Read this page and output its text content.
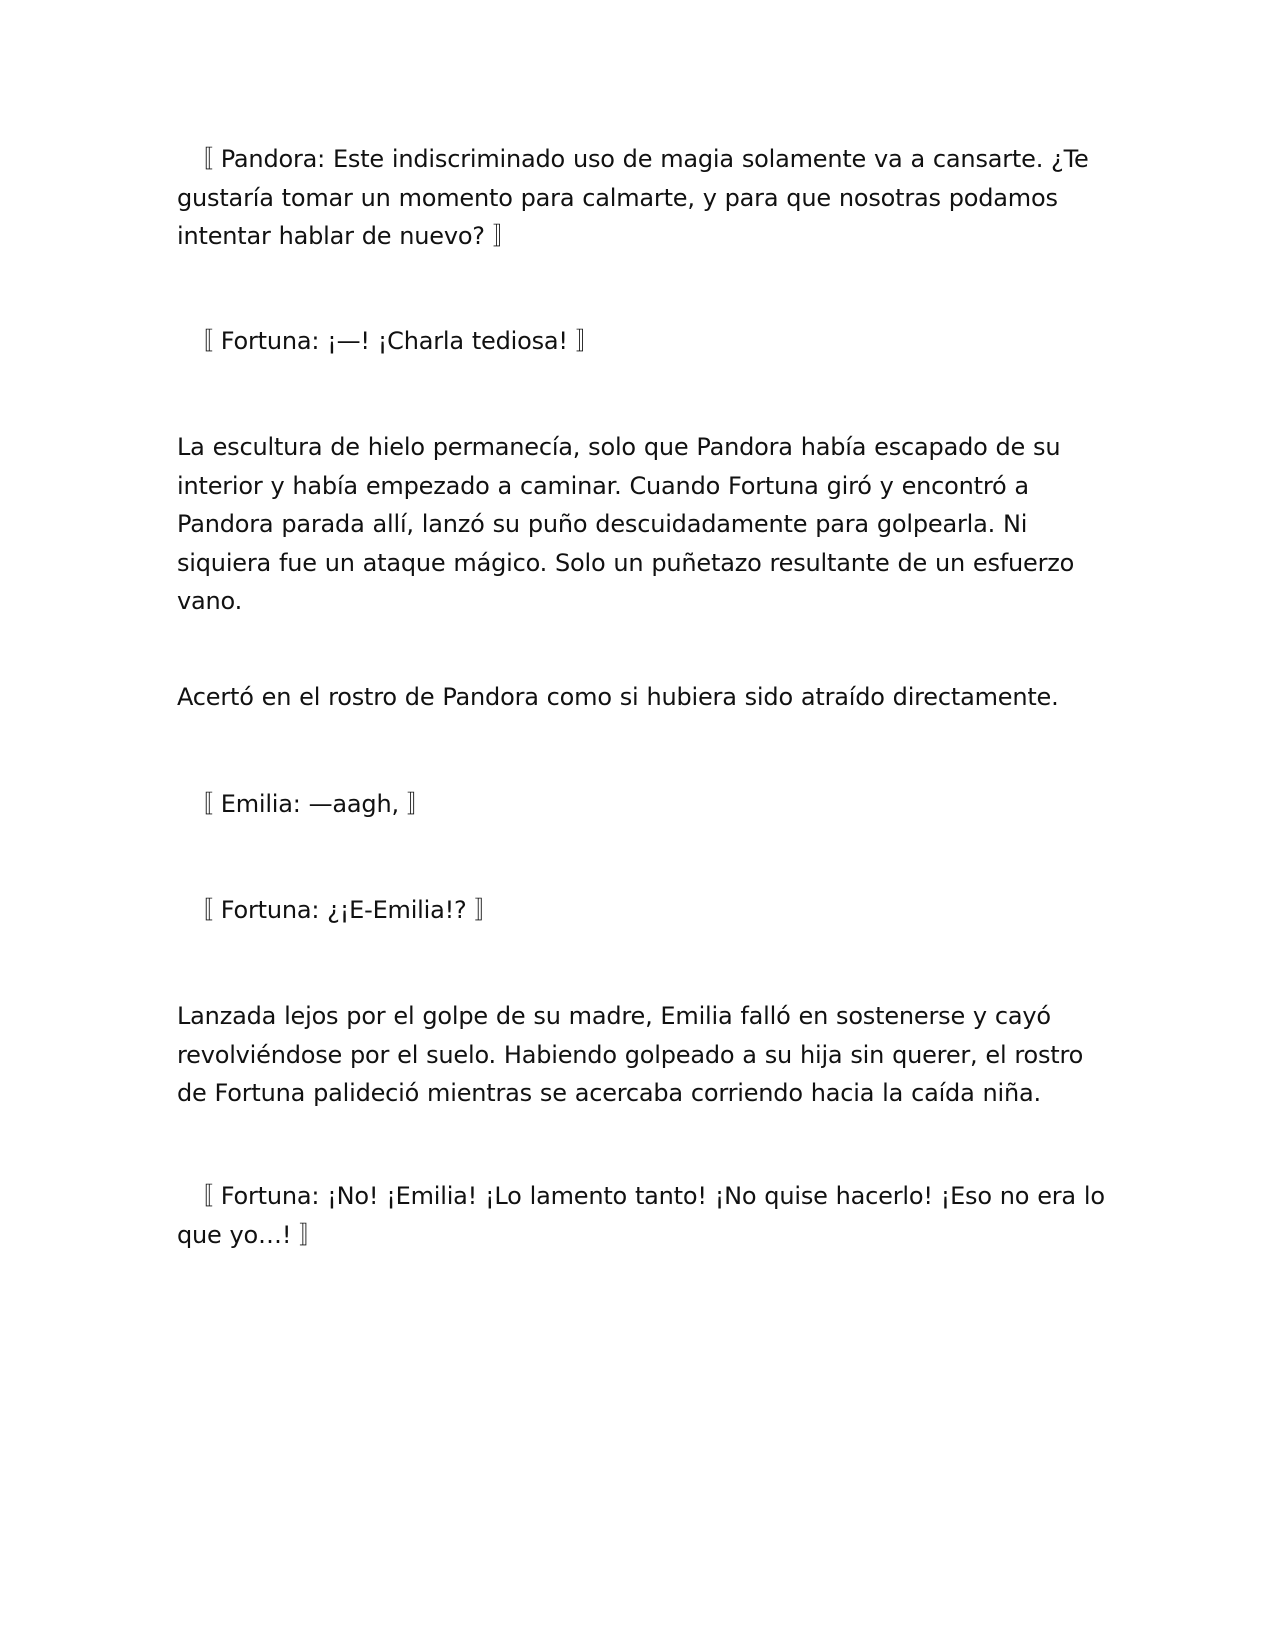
〚 Pandora: Este indiscriminado uso de magia solamente va a cansarte. ¿Te gustaría tomar un momento para calmarte, y para que nosotras podamos intentar hablar de nuevo? 〛

〚 Fortuna: ¡—! ¡Charla tediosa! 〛

La escultura de hielo permanecía, solo que Pandora había escapado de su interior y había empezado a caminar. Cuando Fortuna giró y encontró a Pandora parada allí, lanzó su puño descuidadamente para golpearla. Ni siquiera fue un ataque mágico. Solo un puñetazo resultante de un esfuerzo vano.

Acertó en el rostro de Pandora como si hubiera sido atraído directamente.

〚 Emilia: —aagh, 〛

〚 Fortuna: ¿¡E-Emilia!? 〛

Lanzada lejos por el golpe de su madre, Emilia falló en sostenerse y cayó revolviéndose por el suelo. Habiendo golpeado a su hija sin querer, el rostro de Fortuna palideció mientras se acercaba corriendo hacia la caída niña.

〚 Fortuna: ¡No! ¡Emilia! ¡Lo lamento tanto! ¡No quise hacerlo! ¡Eso no era lo que yo…! 〛
